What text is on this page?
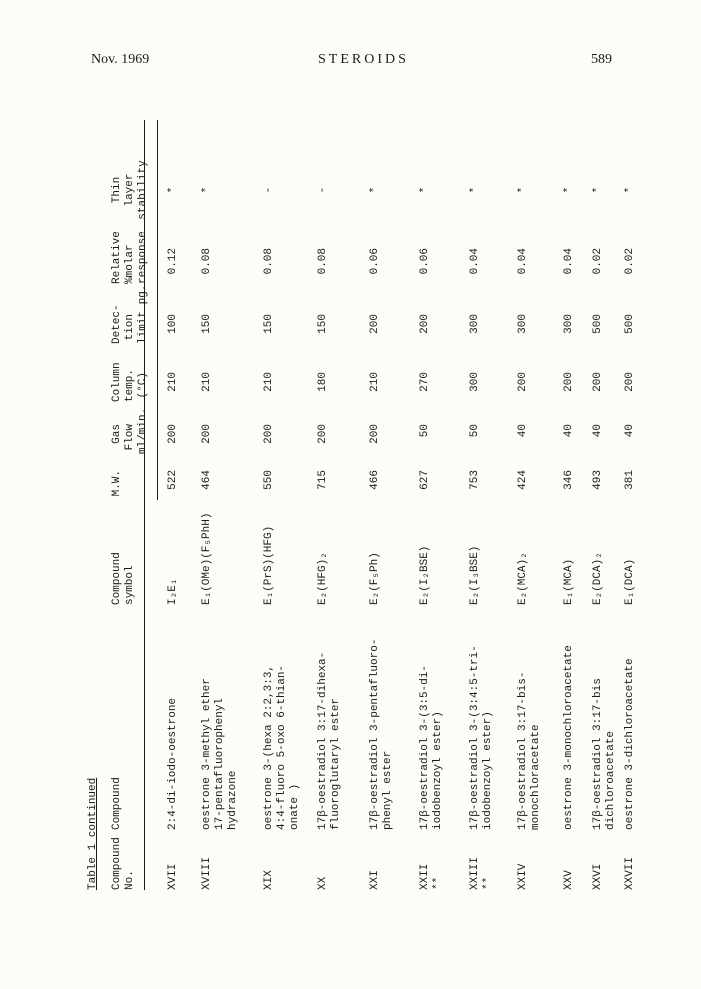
Nov. 1969	STEROIDS	589
Table 1 continued Compound No.
Compound
Compound symbol
M.W.
Gas Flow ml/min.
Column temp. (°C)
Detec- tion limit pg.
Relative %molar response
Thin layer stability
XVII
2:4-di-iodo-oestrone
I₂E₁
522
200
210
100
0.12
*
XVIII
oestrone 3-methyl ether 17-pentafluorophenyl hydrazone
E₁(OMe)(F₅PhH)
464
200
210
150
0.08
*
XIX
oestrone 3-(hexa 2:2,3:3, 4:4-fluoro 5-oxo 6-thian- onate )
E₁(PrS)(HFG)
550
200
210
150
0.08
-
XX
17β-oestradiol 3:17-dihexa- fluoroglutaryl ester
E₂(HFG)₂
715
200
180
150
0.08
-
XXI
17β-oestradiol 3-pentafluoro- phenyl ester
E₂(F₅Ph)
466
200
210
200
0.06
*
XXII **
17β-oestradiol 3-(3:5-di- iodobenzoyl ester)
E₂(I₂BSE)
627
50
270
200
0.06
*
XXIII **
17β-oestradiol 3-(3:4:5-tri- iodobenzoyl ester)
E₂(I₃BSE)
753
50
300
300
0.04
*
XXIV
17β-oestradiol 3:17-bis- monochloracetate
E₂(MCA)₂
424
40
200
300
0.04
*
XXV
oestrone 3-monochloroacetate
E₁(MCA)
346
40
200
300
0.04
*
XXVI
17β-oestradiol 3:17-bis dichloroacetate
E₂(DCA)₂
493
40
200
500
0.02
*
XXVII
oestrone 3-dichloroacetate
E₁(DCA)
381
40
200
500
0.02
*
